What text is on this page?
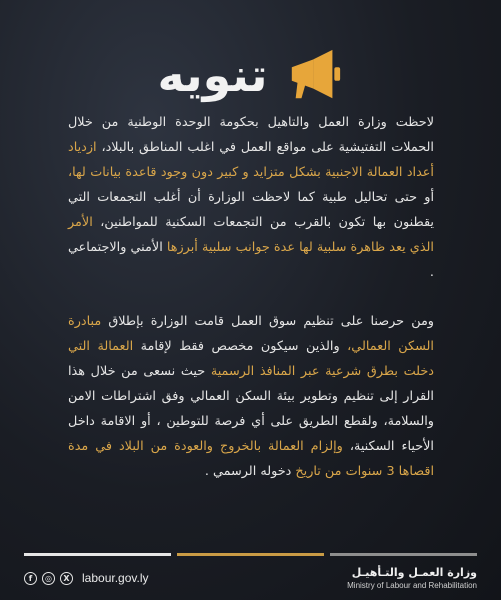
تنويه

لاحظت وزارة العمل والتاهيل بحكومة الوحدة الوطنية من خلال الحملات التفتيشية على مواقع العمل في اغلب المناطق بالبلاد، ازدياد أعداد العمالة الاجنبية بشكل متزايد و كبير دون وجود قاعدة بيانات لها، أو حتى تحاليل طبية كما لاحظت الوزارة أن أغلب التجمعات التي يقطنون بها تكون بالقرب من التجمعات السكنية للمواطنين، الأمر الذي يعد ظاهرة سلبية لها عدة جوانب سلبية أبرزها الأمني والاجتماعي .

ومن حرصنا على تنظيم سوق العمل قامت الوزارة بإطلاق مبادرة السكن العمالي، والذين سيكون مخصص فقط لإقامة العمالة التي دخلت بطرق شرعية عبر المنافذ الرسمية حيث نسعى من خلال هذا القرار إلى تنظيم وتطوير بيئة السكن العمالي وفق اشتراطات الامن والسلامة، ولقطع الطريق على أي فرصة للتوطين ، أو الاقامة داخل الأحياء السكنية، وإلزام العمالة بالخروج والعودة من البلاد في مدة اقصاها 3 سنوات من تاريخ دخوله الرسمي .

f	◎	X labour.gov.ly	وزارة العمـل والتـأهيـل
Ministry of Labour and Rehabilitation
